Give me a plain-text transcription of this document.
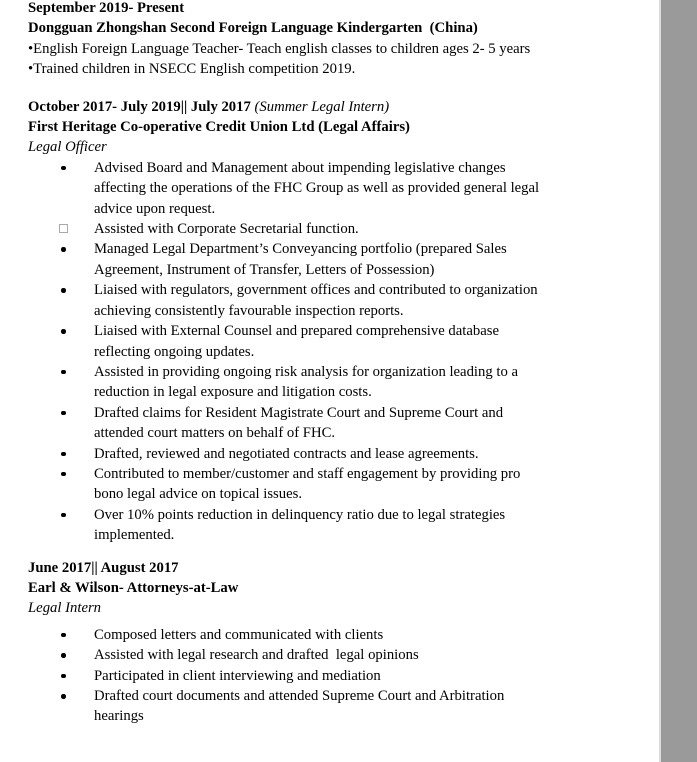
September 2019- Present

Dongguan Zhongshan Second Foreign Language Kindergarten  (China)

•English Foreign Language Teacher- Teach english classes to children ages 2- 5 years

•Trained children in NSECC English competition 2019.

October 2017- July 2019|| July 2017 (Summer Legal Intern)

First Heritage Co-operative Credit Union Ltd (Legal Affairs)

Legal Officer

Advised Board and Management about impending legislative changes
affecting the operations of the FHC Group as well as provided general legal
advice upon request.
Assisted with Corporate Secretarial function.
Managed Legal Department’s Conveyancing portfolio (prepared Sales
Agreement, Instrument of Transfer, Letters of Possession)
Liaised with regulators, government offices and contributed to organization
achieving consistently favourable inspection reports.
Liaised with External Counsel and prepared comprehensive database
reflecting ongoing updates.
Assisted in providing ongoing risk analysis for organization leading to a
reduction in legal exposure and litigation costs.
Drafted claims for Resident Magistrate Court and Supreme Court and
attended court matters on behalf of FHC.
Drafted, reviewed and negotiated contracts and lease agreements.
Contributed to member/customer and staff engagement by providing pro
bono legal advice on topical issues.
Over 10% points reduction in delinquency ratio due to legal strategies
implemented.

June 2017|| August 2017

Earl & Wilson- Attorneys-at-Law

Legal Intern

Composed letters and communicated with clients
Assisted with legal research and drafted  legal opinions
Participated in client interviewing and mediation
Drafted court documents and attended Supreme Court and Arbitration
hearings
